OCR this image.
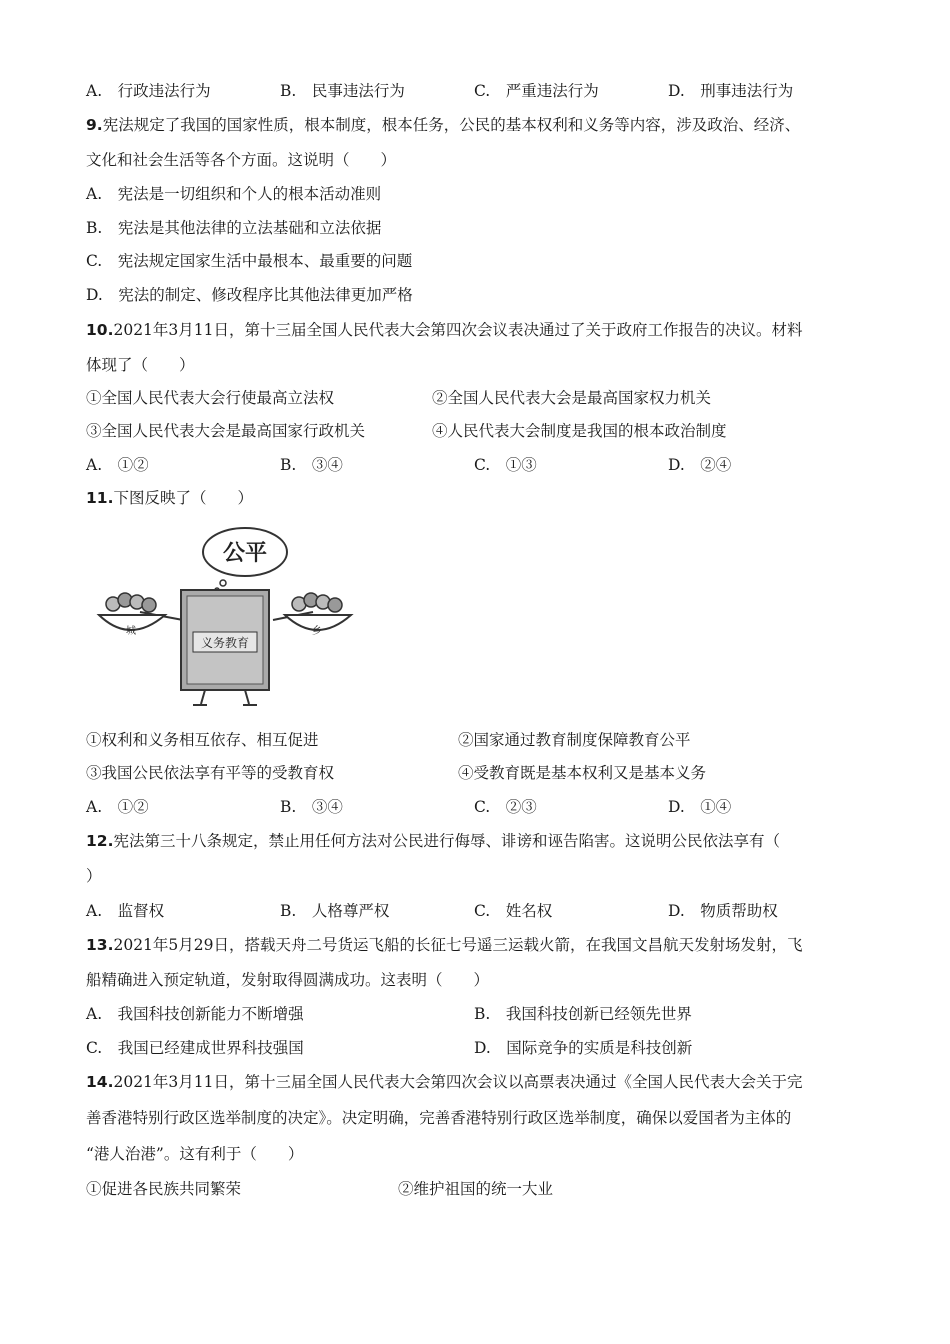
A.　行政违法行为	B.　民事违法行为	C.　严重违法行为	D.　刑事违法行为
9.宪法规定了我国的国家性质，根本制度，根本任务，公民的基本权利和义务等内容，涉及政治、经济、
文化和社会生活等各个方面。这说明（　　）
A.　宪法是一切组织和个人的根本活动准则
B.　宪法是其他法律的立法基础和立法依据
C.　宪法规定国家生活中最根本、最重要的问题
D.　宪法的制定、修改程序比其他法律更加严格
10.2021年3月11日，第十三届全国人民代表大会第四次会议表决通过了关于政府工作报告的决议。材料
体现了（　　）
①全国人民代表大会行使最高立法权	②全国人民代表大会是最高国家权力机关
③全国人民代表大会是最高国家行政机关	④人民代表大会制度是我国的根本政治制度
A.　①②	B.　③④	C.　①③	D.　②④
11.下图反映了（　　）
公平
城	乡
义务教育
①权利和义务相互依存、相互促进	②国家通过教育制度保障教育公平
③我国公民依法享有平等的受教育权	④受教育既是基本权利又是基本义务
A.　①②	B.　③④	C.　②③	D.　①④
12.宪法第三十八条规定，禁止用任何方法对公民进行侮辱、诽谤和诬告陷害。这说明公民依法享有（
）
A.　监督权	B.　人格尊严权	C.　姓名权	D.　物质帮助权
13.2021年5月29日，搭载天舟二号货运飞船的长征七号遥三运载火箭，在我国文昌航天发射场发射，飞
船精确进入预定轨道，发射取得圆满成功。这表明（　　）
A.　我国科技创新能力不断增强	B.　我国科技创新已经领先世界
C.　我国已经建成世界科技强国	D.　国际竞争的实质是科技创新
14.2021年3月11日，第十三届全国人民代表大会第四次会议以高票表决通过《全国人民代表大会关于完
善香港特别行政区选举制度的决定》。决定明确，完善香港特别行政区选举制度，确保以爱国者为主体的
“港人治港”。这有利于（　　）
①促进各民族共同繁荣	②维护祖国的统一大业
